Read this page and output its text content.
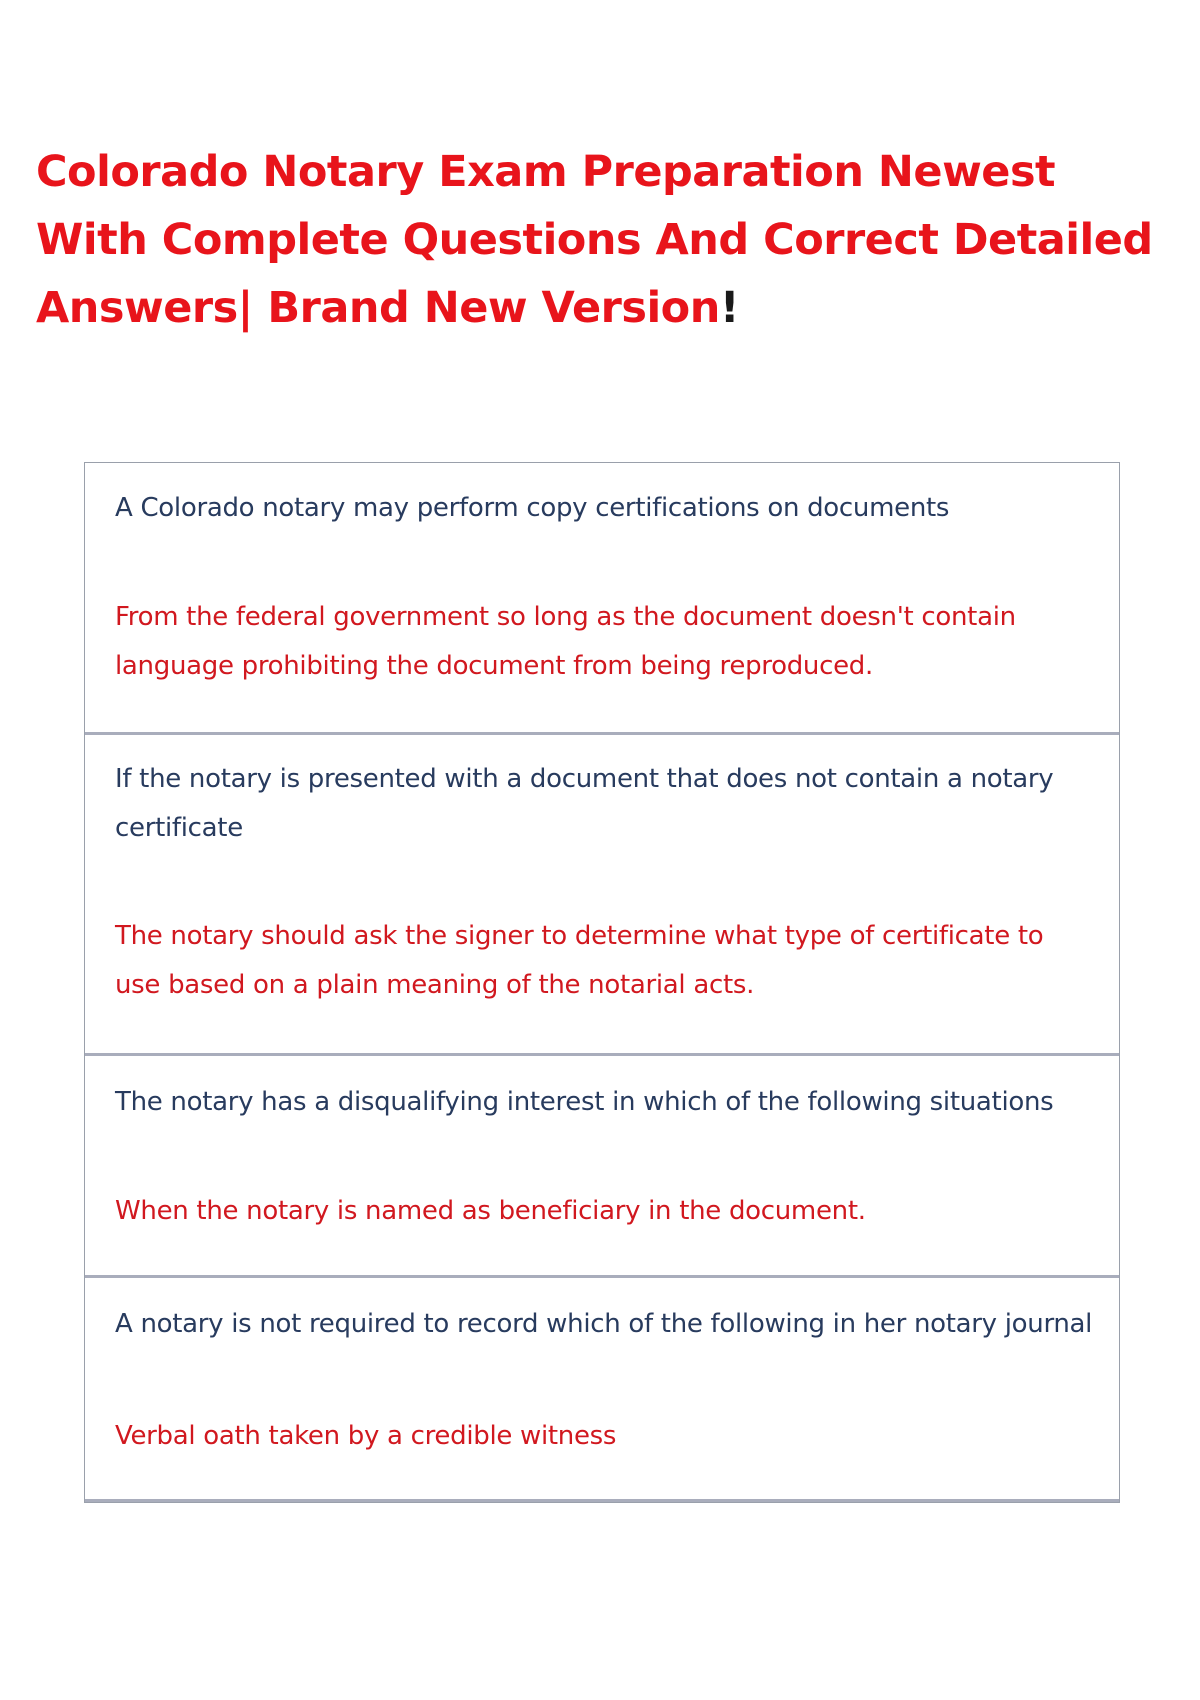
Colorado Notary Exam Preparation Newest With Complete Questions And Correct Detailed Answers| Brand New Version!

A Colorado notary may perform copy certifications on documents

From the federal government so long as the document doesn't contain language prohibiting the document from being reproduced.

If the notary is presented with a document that does not contain a notary certificate

The notary should ask the signer to determine what type of certificate to use based on a plain meaning of the notarial acts.

The notary has a disqualifying interest in which of the following situations

When the notary is named as beneficiary in the document.

A notary is not required to record which of the following in her notary journal

Verbal oath taken by a credible witness
